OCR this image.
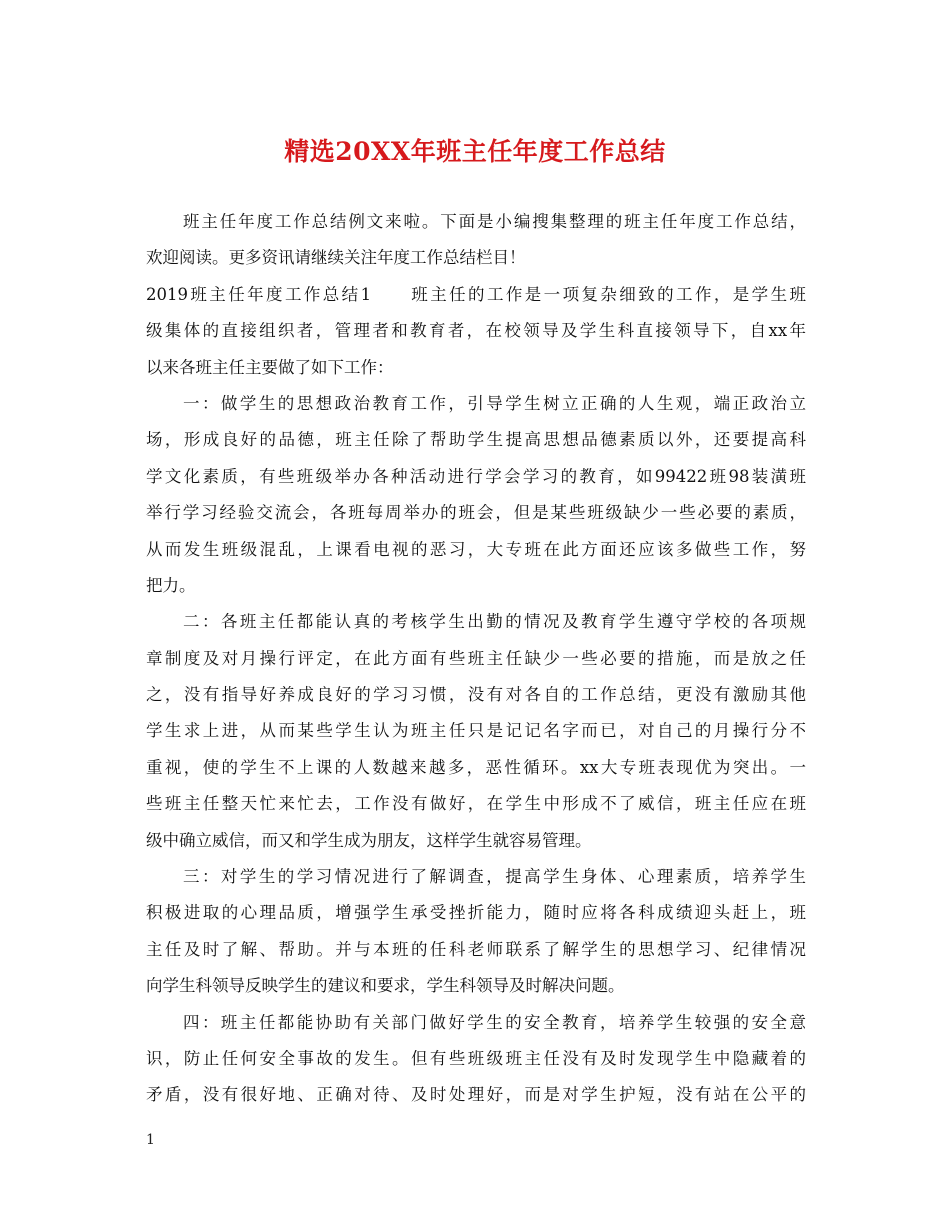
精选20XX年班主任年度工作总结
班主任年度工作总结例文来啦。下面是小编搜集整理的班主任年度工作总结，
欢迎阅读。更多资讯请继续关注年度工作总结栏目！
2019班主任年度工作总结1　　班主任的工作是一项复杂细致的工作，是学生班
级集体的直接组织者，管理者和教育者，在校领导及学生科直接领导下，自xx年
以来各班主任主要做了如下工作：
一：做学生的思想政治教育工作，引导学生树立正确的人生观，端正政治立
场，形成良好的品德，班主任除了帮助学生提高思想品德素质以外，还要提高科
学文化素质，有些班级举办各种活动进行学会学习的教育，如99422班98装潢班
举行学习经验交流会，各班每周举办的班会，但是某些班级缺少一些必要的素质，
从而发生班级混乱，上课看电视的恶习，大专班在此方面还应该多做些工作，努
把力。
二：各班主任都能认真的考核学生出勤的情况及教育学生遵守学校的各项规
章制度及对月操行评定，在此方面有些班主任缺少一些必要的措施，而是放之任
之，没有指导好养成良好的学习习惯，没有对各自的工作总结，更没有激励其他
学生求上进，从而某些学生认为班主任只是记记名字而已，对自己的月操行分不
重视，使的学生不上课的人数越来越多，恶性循环。xx大专班表现优为突出。一
些班主任整天忙来忙去，工作没有做好，在学生中形成不了威信，班主任应在班
级中确立威信，而又和学生成为朋友，这样学生就容易管理。
三：对学生的学习情况进行了解调查，提高学生身体、心理素质，培养学生
积极进取的心理品质，增强学生承受挫折能力，随时应将各科成绩迎头赶上，班
主任及时了解、帮助。并与本班的任科老师联系了解学生的思想学习、纪律情况
向学生科领导反映学生的建议和要求，学生科领导及时解决问题。
四：班主任都能协助有关部门做好学生的安全教育，培养学生较强的安全意
识，防止任何安全事故的发生。但有些班级班主任没有及时发现学生中隐藏着的
矛盾，没有很好地、正确对待、及时处理好，而是对学生护短，没有站在公平的
1
